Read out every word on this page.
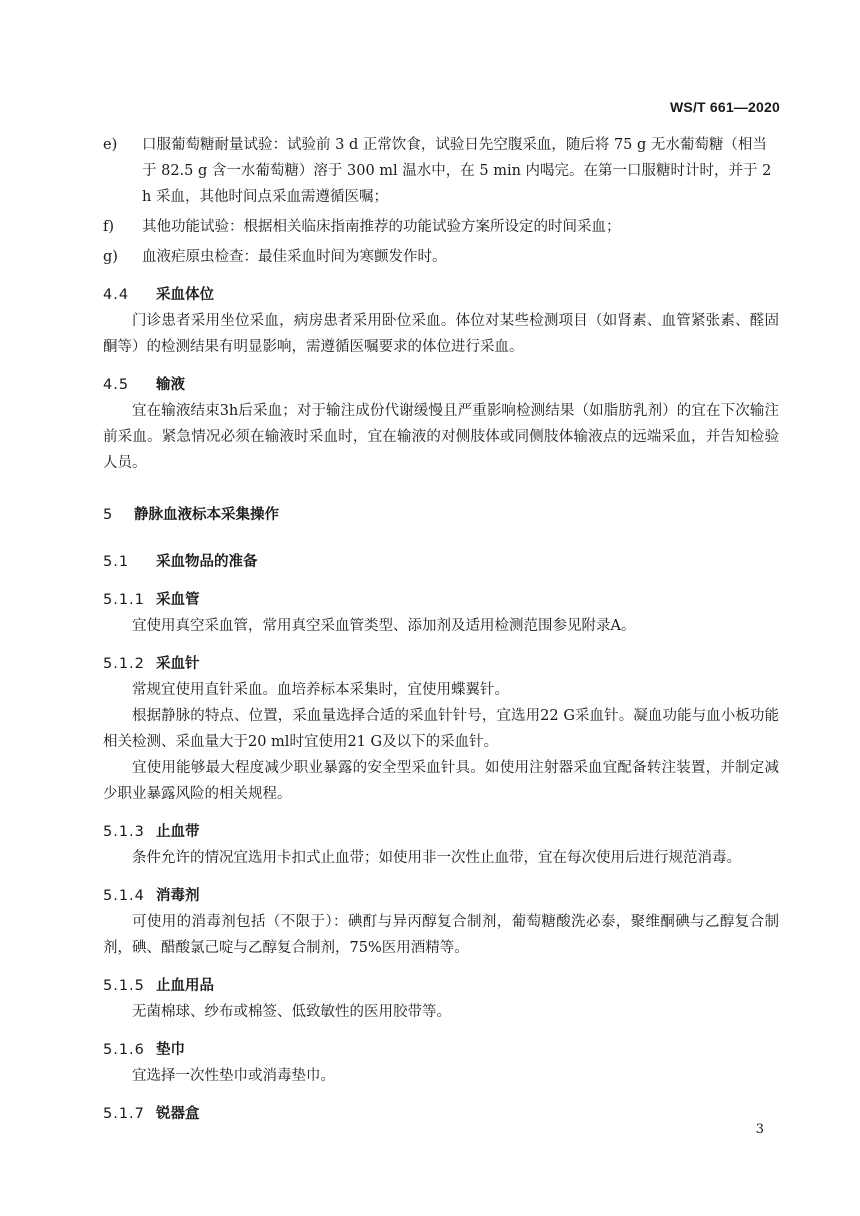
WS/T 661—2020
e)	口服葡萄糖耐量试验：试验前 3 d 正常饮食，试验日先空腹采血，随后将 75 g 无水葡萄糖（相当于 82.5 g 含一水葡萄糖）溶于 300 ml 温水中，在 5 min 内喝完。在第一口服糖时计时，并于 2 h 采血，其他时间点采血需遵循医嘱；
f)	其他功能试验：根据相关临床指南推荐的功能试验方案所设定的时间采血；
g)	血液疟原虫检查：最佳采血时间为寒颤发作时。
4.4	采血体位

门诊患者采用坐位采血，病房患者采用卧位采血。体位对某些检测项目（如肾素、血管紧张素、醛固酮等）的检测结果有明显影响，需遵循医嘱要求的体位进行采血。

4.5	输液

宜在输液结束3h后采血；对于输注成份代谢缓慢且严重影响检测结果（如脂肪乳剂）的宜在下次输注前采血。紧急情况必须在输液时采血时，宜在输液的对侧肢体或同侧肢体输液点的远端采血，并告知检验人员。

5	静脉血液标本采集操作
5.1	采血物品的准备
5.1.1 采血管

宜使用真空采血管，常用真空采血管类型、添加剂及适用检测范围参见附录A。

5.1.2 采血针

常规宜使用直针采血。血培养标本采集时，宜使用蝶翼针。

根据静脉的特点、位置，采血量选择合适的采血针针号，宜选用22 G采血针。凝血功能与血小板功能相关检测、采血量大于20 ml时宜使用21 G及以下的采血针。

宜使用能够最大程度减少职业暴露的安全型采血针具。如使用注射器采血宜配备转注装置，并制定减少职业暴露风险的相关规程。

5.1.3 止血带

条件允许的情况宜选用卡扣式止血带；如使用非一次性止血带，宜在每次使用后进行规范消毒。

5.1.4 消毒剂

可使用的消毒剂包括（不限于）：碘酊与异丙醇复合制剂，葡萄糖酸洗必泰，聚维酮碘与乙醇复合制剂，碘、醋酸氯己啶与乙醇复合制剂，75%医用酒精等。

5.1.5 止血用品

无菌棉球、纱布或棉签、低致敏性的医用胶带等。

5.1.6 垫巾

宜选择一次性垫巾或消毒垫巾。

5.1.7 锐器盒
3
